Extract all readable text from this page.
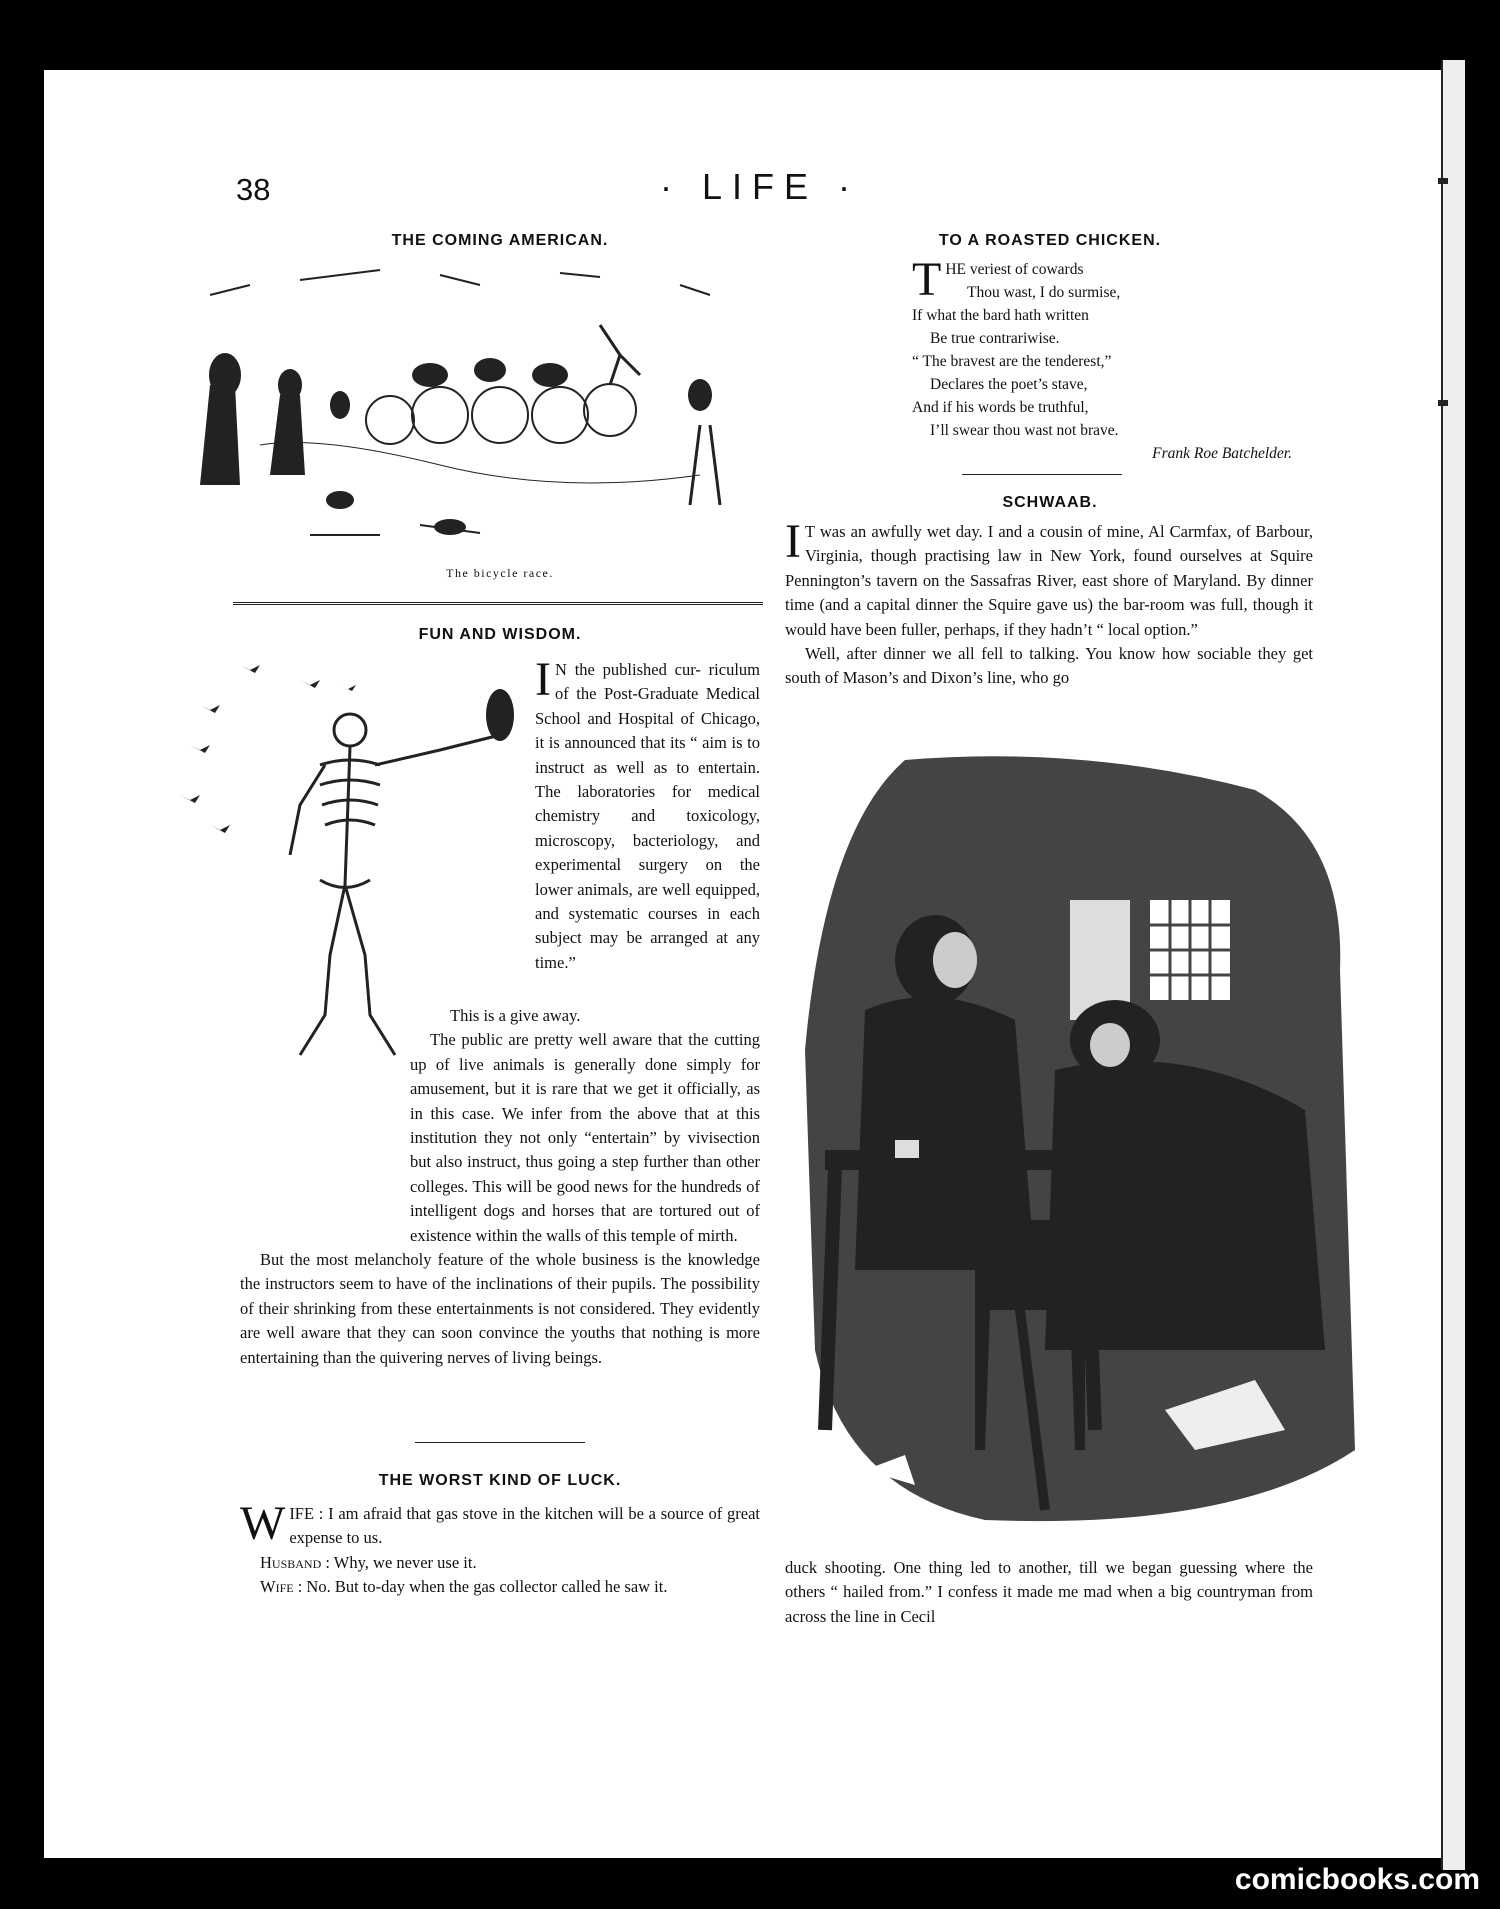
38	· LIFE ·
THE COMING AMERICAN.
The bicycle race.
FUN AND WISDOM.
I N the published cur- riculum of the Post-Graduate Medical School and Hospital of Chicago, it is announced that its “ aim is to instruct as well as to entertain. The laboratories for medical chemistry and toxicology, microscopy, bacteriology, and experimental surgery on the lower animals, are well equipped, and systematic courses in each subject may be arranged at any time.”

This is a give away.

The public are pretty well aware that the cutting up of live animals is generally done simply for amusement, but it is rare that we get it officially, as in this case. We infer from the above that at this institution they not only “entertain” by vivisection but also instruct, thus going a step further than other colleges. This will be good news for the hundreds of intelligent dogs and horses that are tortured out of existence within the walls of this temple of mirth.

But the most melancholy feature of the whole business is the knowledge the instructors seem to have of the inclinations of their pupils. The possibility of their shrinking from these entertainments is not considered. They evidently are well aware that they can soon convince the youths that nothing is more entertaining than the quivering nerves of living beings.

THE WORST KIND OF LUCK.

WIFE : I am afraid that gas stove in the kitchen will be a source of great expense to us.

Husband : Why, we never use it.

Wife : No. But to-day when the gas collector called he saw it.

TO A ROASTED CHICKEN.
THE veriest of cowards
Thou wast, I do surmise,
If what the bard hath written
Be true contrariwise.
“ The bravest are the tenderest,”
Declares the poet’s stave,
And if his words be truthful,
I’ll swear thou wast not brave.
Frank Roe Batchelder.
SCHWAAB.

I T was an awfully wet day. I and a cousin of mine, Al Carmfax, of Barbour, Virginia, though practising law in New York, found ourselves at Squire Pennington’s tavern on the Sassafras River, east shore of Maryland. By dinner time (and a capital dinner the Squire gave us) the bar-room was full, though it would have been fuller, perhaps, if they hadn’t “ local option.”

Well, after dinner we all fell to talking. You know how sociable they get south of Mason’s and Dixon’s line, who go

duck shooting. One thing led to another, till we began guessing where the others “ hailed from.” I confess it made me mad when a big countryman from across the line in Cecil

comicbooks.com
